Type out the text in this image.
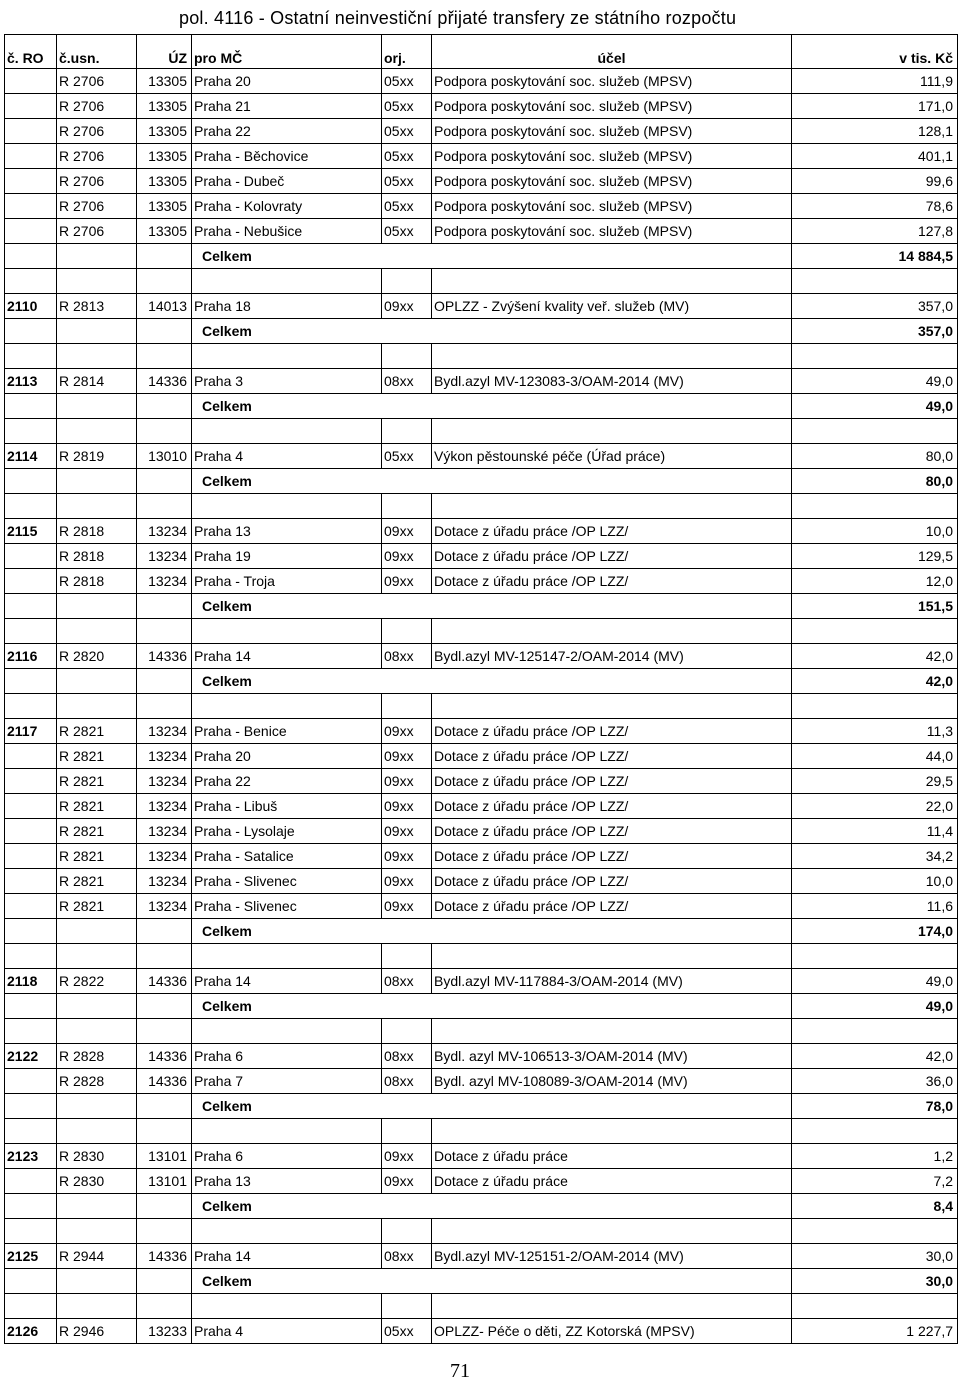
pol. 4116 - Ostatní neinvestiční přijaté transfery ze státního rozpočtu
č. RO	č.usn.	ÚZ	pro MČ	orj.	účel	v tis. Kč
	R 2706	13305	Praha 20	05xx	Podpora poskytování soc. služeb (MPSV)	111,9
	R 2706	13305	Praha 21	05xx	Podpora poskytování soc. služeb (MPSV)	171,0
	R 2706	13305	Praha 22	05xx	Podpora poskytování soc. služeb (MPSV)	128,1
	R 2706	13305	Praha - Běchovice	05xx	Podpora poskytování soc. služeb (MPSV)	401,1
	R 2706	13305	Praha - Dubeč	05xx	Podpora poskytování soc. služeb (MPSV)	99,6
	R 2706	13305	Praha - Kolovraty	05xx	Podpora poskytování soc. služeb (MPSV)	78,6
	R 2706	13305	Praha - Nebušice	05xx	Podpora poskytování soc. služeb (MPSV)	127,8
			Celkem			14 884,5

2110	R 2813	14013	Praha 18	09xx	OPLZZ - Zvýšení kvality veř. služeb (MV)	357,0
			Celkem			357,0

2113	R 2814	14336	Praha 3	08xx	Bydl.azyl MV-123083-3/OAM-2014 (MV)	49,0
			Celkem			49,0

2114	R 2819	13010	Praha 4	05xx	Výkon pěstounské péče (Úřad práce)	80,0
			Celkem			80,0

2115	R 2818	13234	Praha 13	09xx	Dotace z úřadu práce /OP LZZ/	10,0
	R 2818	13234	Praha 19	09xx	Dotace z úřadu práce /OP LZZ/	129,5
	R 2818	13234	Praha - Troja	09xx	Dotace z úřadu práce /OP LZZ/	12,0
			Celkem			151,5

2116	R 2820	14336	Praha 14	08xx	Bydl.azyl MV-125147-2/OAM-2014 (MV)	42,0
			Celkem			42,0

2117	R 2821	13234	Praha - Benice	09xx	Dotace z úřadu práce /OP LZZ/	11,3
	R 2821	13234	Praha 20	09xx	Dotace z úřadu práce /OP LZZ/	44,0
	R 2821	13234	Praha 22	09xx	Dotace z úřadu práce /OP LZZ/	29,5
	R 2821	13234	Praha - Libuš	09xx	Dotace z úřadu práce /OP LZZ/	22,0
	R 2821	13234	Praha - Lysolaje	09xx	Dotace z úřadu práce /OP LZZ/	11,4
	R 2821	13234	Praha - Satalice	09xx	Dotace z úřadu práce /OP LZZ/	34,2
	R 2821	13234	Praha - Slivenec	09xx	Dotace z úřadu práce /OP LZZ/	10,0
	R 2821	13234	Praha - Slivenec	09xx	Dotace z úřadu práce /OP LZZ/	11,6
			Celkem			174,0

2118	R 2822	14336	Praha 14	08xx	Bydl.azyl MV-117884-3/OAM-2014 (MV)	49,0
			Celkem			49,0

2122	R 2828	14336	Praha 6	08xx	Bydl. azyl MV-106513-3/OAM-2014 (MV)	42,0
	R 2828	14336	Praha 7	08xx	Bydl. azyl MV-108089-3/OAM-2014 (MV)	36,0
			Celkem			78,0

2123	R 2830	13101	Praha 6	09xx	Dotace z úřadu práce	1,2
	R 2830	13101	Praha 13	09xx	Dotace z úřadu práce	7,2
			Celkem			8,4

2125	R 2944	14336	Praha 14	08xx	Bydl.azyl MV-125151-2/OAM-2014 (MV)	30,0
			Celkem			30,0

2126	R 2946	13233	Praha 4	05xx	OPLZZ- Péče o děti, ZZ Kotorská (MPSV)	1 227,7
71
